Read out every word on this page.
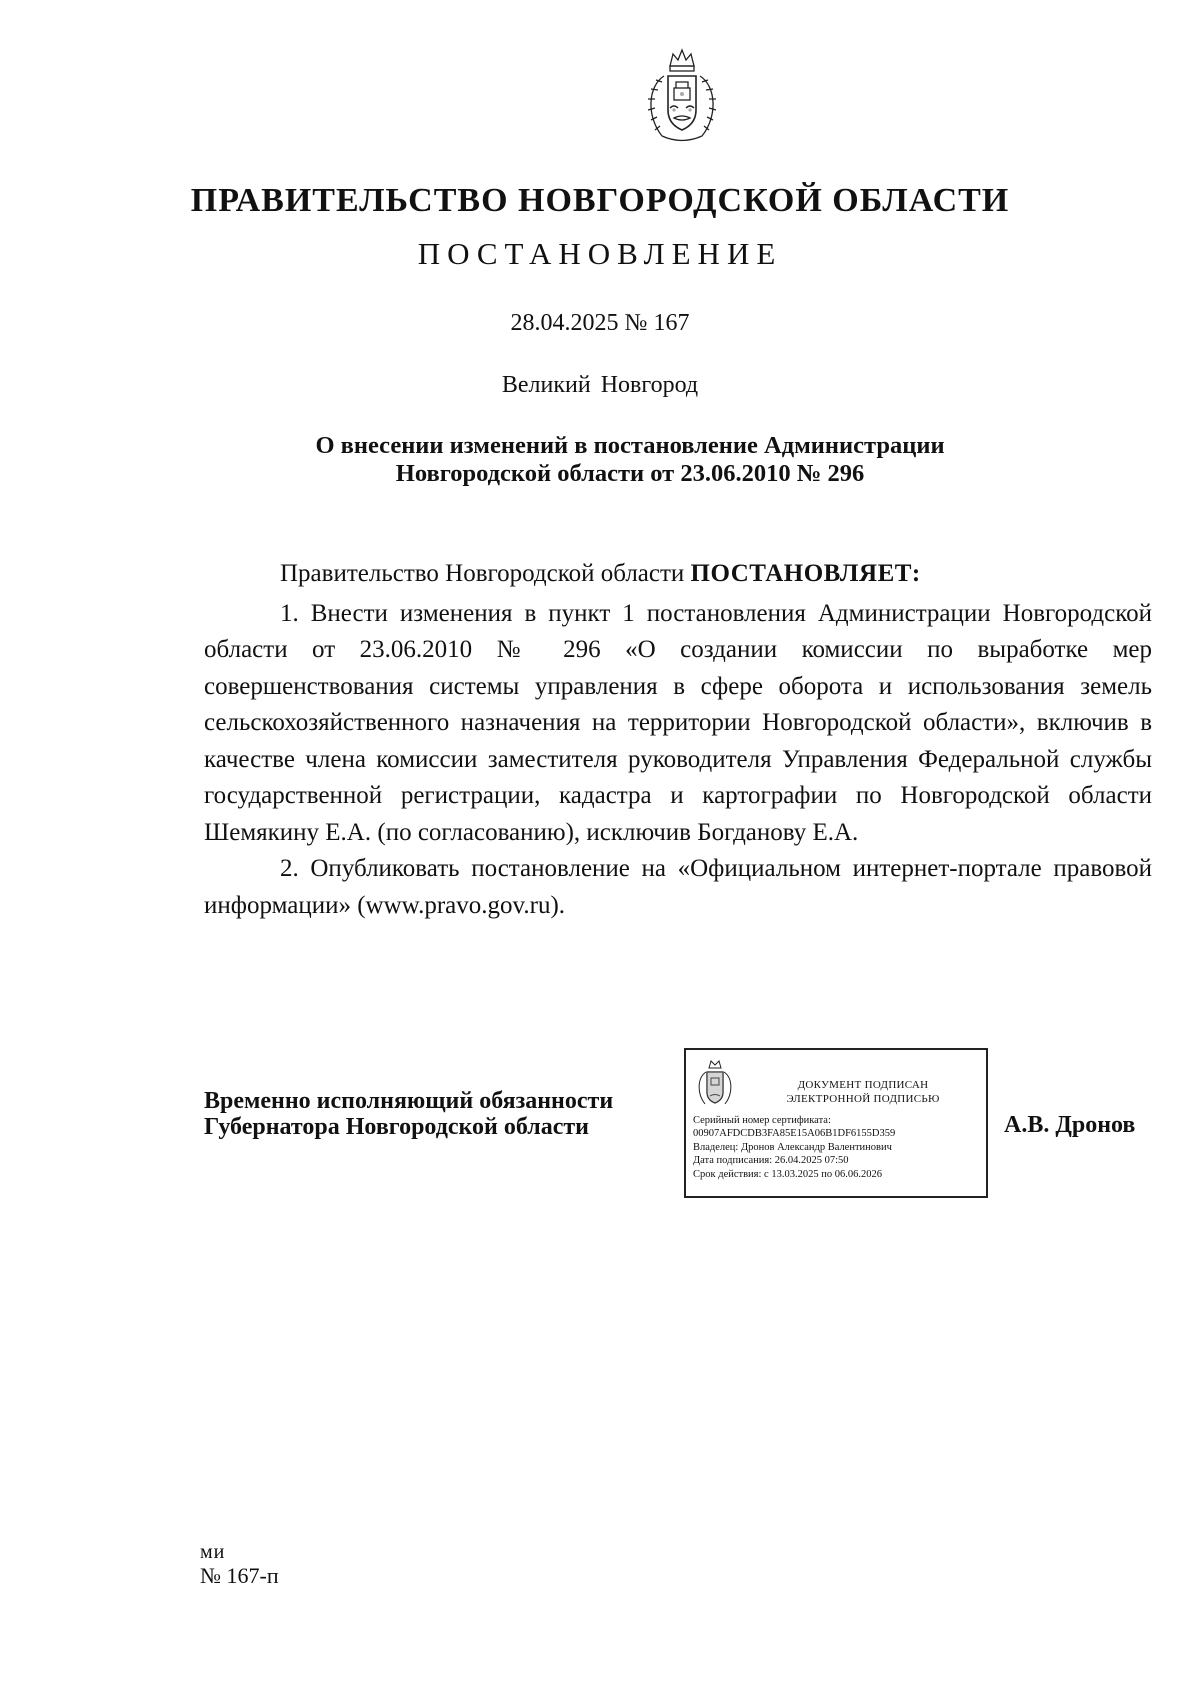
ПРАВИТЕЛЬСТВО НОВГОРОДСКОЙ ОБЛАСТИ
ПОСТАНОВЛЕНИЕ
28.04.2025 № 167
Великий Новгород
О внесении изменений в постановление Администрации
Новгородской области от 23.06.2010 № 296

Правительство Новгородской области ПОСТАНОВЛЯЕТ:

1. Внести изменения в пункт 1 постановления Администрации Новгородской области от 23.06.2010 № 296 «О создании комиссии по выработке мер совершенствования системы управления в сфере оборота и использования земель сельскохозяйственного назначения на территории Новгородской области», включив в качестве члена комиссии заместителя руководителя Управления Федеральной службы государственной регистрации, кадастра и картографии по Новгородской области Шемякину Е.А. (по согласованию), исключив Богданову Е.А.

2. Опубликовать постановление на «Официальном интернет-портале правовой информации» (www.pravo.gov.ru).

Временно исполняющий обязанности
Губернатора Новгородской области
ДОКУМЕНТ ПОДПИСАН
ЭЛЕКТРОННОЙ ПОДПИСЬЮ
Серийный номер сертификата:
00907AFDCDB3FA85E15A06B1DF6155D359
Владелец: Дронов Александр Валентинович
Дата подписания: 26.04.2025 07:50
Срок действия: с 13.03.2025 по 06.06.2026
А.В. Дронов
ми
№ 167-п
